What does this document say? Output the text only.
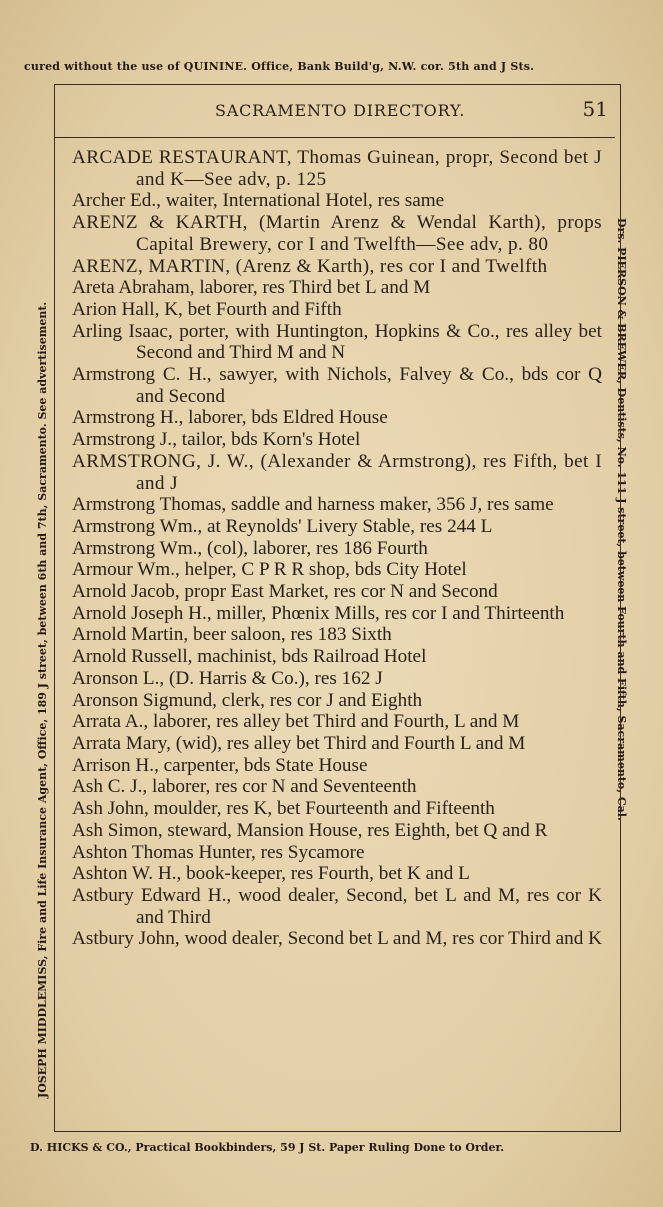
cured without the use of QUININE. Office, Bank Build'g, N.W. cor. 5th and J Sts.
JOSEPH MIDDLEMISS, Fire and Life Insurance Agent, Office, 189 J street, between 6th and 7th, Sacramento. See advertisement.	Drs. PIERSON & BREWER, Dentists, No. 111 J street, between Fourth and Fifth, Sacramento, Cal.
D. HICKS & CO., Practical Bookbinders, 59 J St. Paper Ruling Done to Order.
SACRAMENTO DIRECTORY.	51

ARCADE RESTAURANT, Thomas Guinean, propr, Second bet J and K—See adv, p. 125

Archer Ed., waiter, International Hotel, res same

ARENZ & KARTH, (Martin Arenz & Wendal Karth), props Capital Brewery, cor I and Twelfth—See adv, p. 80

ARENZ, MARTIN, (Arenz & Karth), res cor I and Twelfth

Areta Abraham, laborer, res Third bet L and M

Arion Hall, K, bet Fourth and Fifth

Arling Isaac, porter, with Huntington, Hopkins & Co., res alley bet Second and Third M and N

Armstrong C. H., sawyer, with Nichols, Falvey & Co., bds cor Q and Second

Armstrong H., laborer, bds Eldred House

Armstrong J., tailor, bds Korn's Hotel

ARMSTRONG, J. W., (Alexander & Armstrong), res Fifth, bet I and J

Armstrong Thomas, saddle and harness maker, 356 J, res same

Armstrong Wm., at Reynolds' Livery Stable, res 244 L

Armstrong Wm., (col), laborer, res 186 Fourth

Armour Wm., helper, C P R R shop, bds City Hotel

Arnold Jacob, propr East Market, res cor N and Second

Arnold Joseph H., miller, Phœnix Mills, res cor I and Thirteenth

Arnold Martin, beer saloon, res 183 Sixth

Arnold Russell, machinist, bds Railroad Hotel

Aronson L., (D. Harris & Co.), res 162 J

Aronson Sigmund, clerk, res cor J and Eighth

Arrata A., laborer, res alley bet Third and Fourth, L and M

Arrata Mary, (wid), res alley bet Third and Fourth L and M

Arrison H., carpenter, bds State House

Ash C. J., laborer, res cor N and Seventeenth

Ash John, moulder, res K, bet Fourteenth and Fifteenth

Ash Simon, steward, Mansion House, res Eighth, bet Q and R

Ashton Thomas Hunter, res Sycamore

Ashton W. H., book-keeper, res Fourth, bet K and L

Astbury Edward H., wood dealer, Second, bet L and M, res cor K and Third

Astbury John, wood dealer, Second bet L and M, res cor Third and K
